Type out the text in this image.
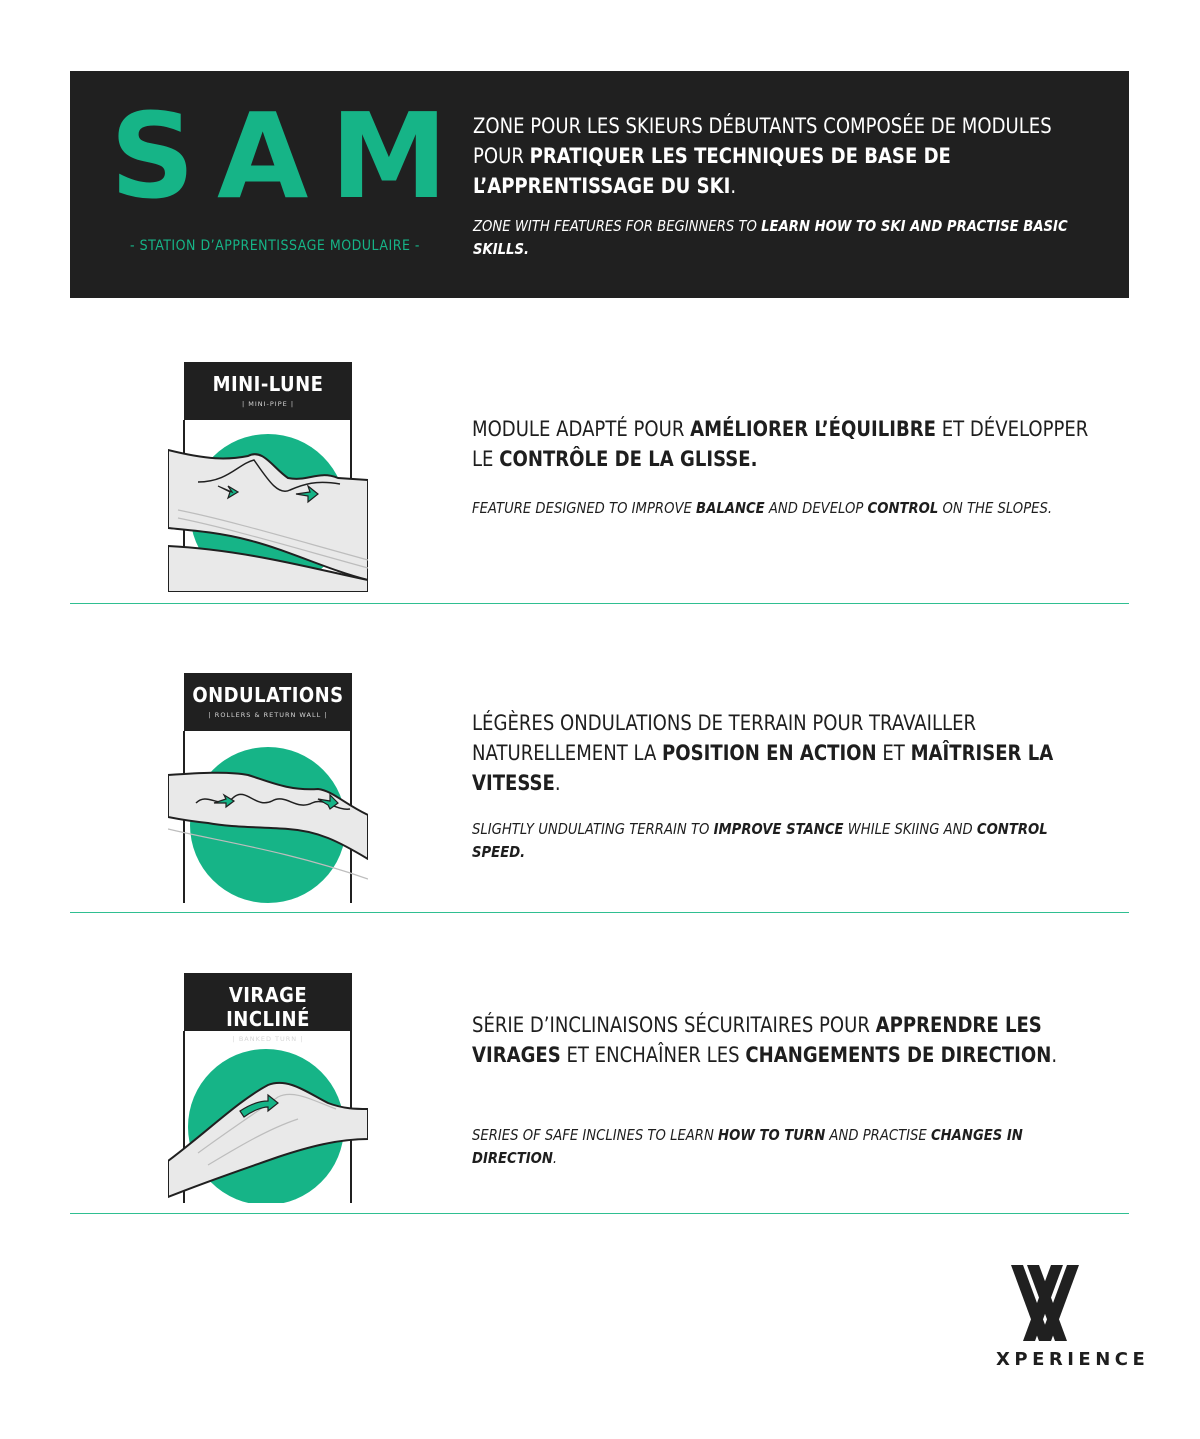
SAM
- STATION D’APPRENTISSAGE MODULAIRE -
ZONE POUR LES SKIEURS DÉBUTANTS COMPOSÉE DE MODULES POUR PRATIQUER LES TECHNIQUES DE BASE DE L’APPRENTISSAGE DU SKI.
ZONE WITH FEATURES FOR BEGINNERS TO LEARN HOW TO SKI AND PRACTISE BASIC SKILLS.
MINI-LUNE
| MINI-PIPE |
MODULE ADAPTÉ POUR AMÉLIORER L’ÉQUILIBRE ET DÉVELOPPER LE CONTRÔLE DE LA GLISSE.
FEATURE DESIGNED TO IMPROVE BALANCE AND DEVELOP CONTROL ON THE SLOPES.
ONDULATIONS
| ROLLERS & RETURN WALL |	LÉGÈRES ONDULATIONS DE TERRAIN POUR TRAVAILLER NATURELLEMENT LA POSITION EN ACTION ET MAÎTRISER LA VITESSE.
SLIGHTLY UNDULATING TERRAIN TO IMPROVE STANCE WHILE SKIING AND CONTROL SPEED.
VIRAGE INCLINÉ
| BANKED TURN |
SÉRIE D’INCLINAISONS SÉCURITAIRES POUR APPRENDRE LES VIRAGES ET ENCHAÎNER LES CHANGEMENTS DE DIRECTION.
SERIES OF SAFE INCLINES TO LEARN HOW TO TURN AND PRACTISE CHANGES IN DIRECTION.
XPERIENCE
